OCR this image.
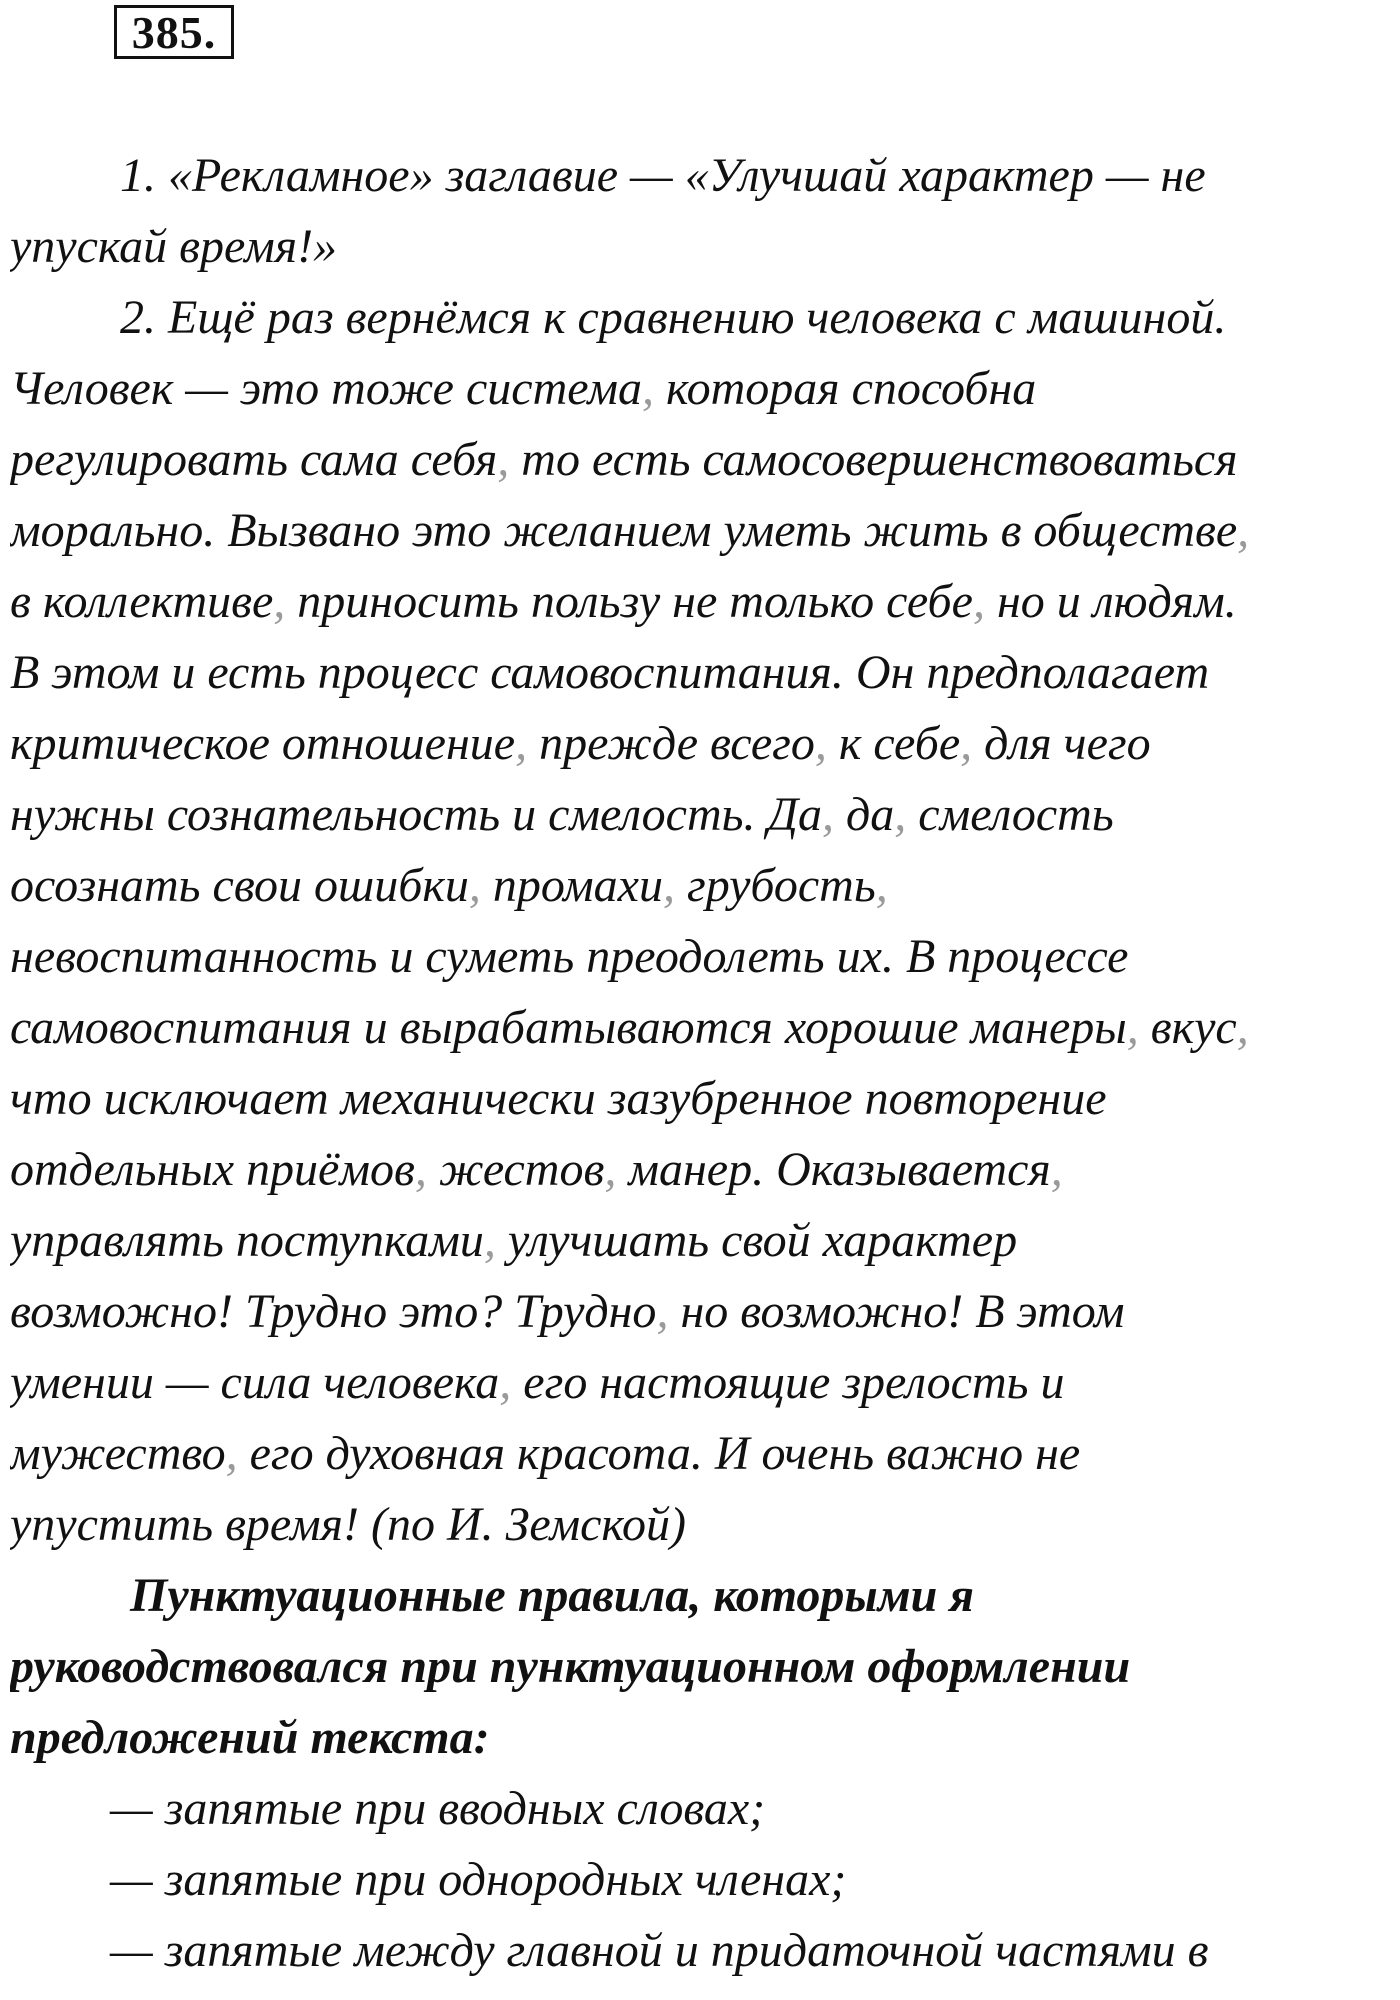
385.
1. «Рекламное» заглавие — «Улучшай характер — не
упускай время!»
2. Ещё раз вернёмся к сравнению человека с машиной.
Человек — это тоже система, которая способна
регулировать сама себя, то есть самосовершенствоваться
морально. Вызвано это желанием уметь жить в обществе,
в коллективе, приносить пользу не только себе, но и людям.
В этом и есть процесс самовоспитания. Он предполагает
критическое отношение, прежде всего, к себе, для чего
нужны сознательность и смелость. Да, да, смелость
осознать свои ошибки, промахи, грубость,
невоспитанность и суметь преодолеть их. В процессе
самовоспитания и вырабатываются хорошие манеры, вкус,
что исключает механически зазубренное повторение
отдельных приёмов, жестов, манер. Оказывается,
управлять поступками, улучшать свой характер
возможно! Трудно это? Трудно, но возможно! В этом
умении — сила человека, его настоящие зрелость и
мужество, его духовная красота. И очень важно не
упустить время! (по И. Земской)
Пунктуационные правила, которыми я
руководствовался при пунктуационном оформлении
предложений текста:
— запятые при вводных словах;
— запятые при однородных членах;
— запятые между главной и придаточной частями в
